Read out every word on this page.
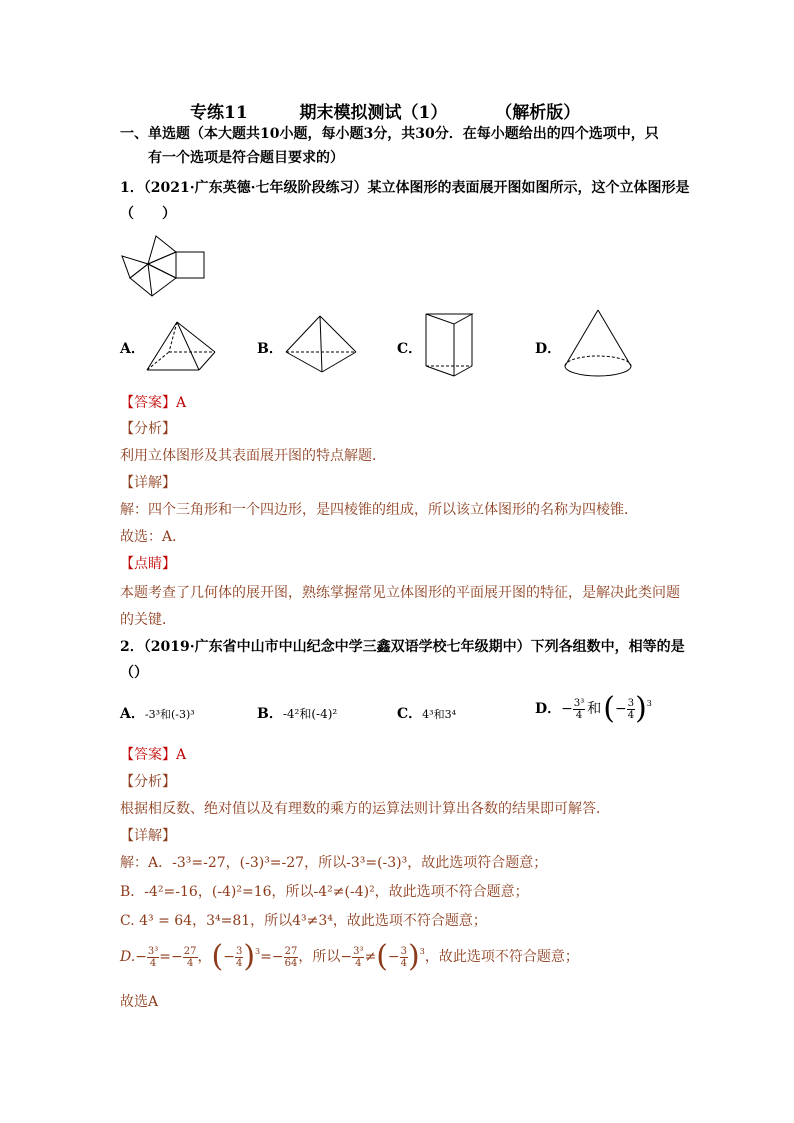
专练11	期末模拟测试（1）	（解析版）
一、单选题（本大题共10小题，每小题3分，共30分．在每小题给出的四个选项中，只
有一个选项是符合题目要求的）
1．（2021·广东英德·七年级阶段练习）某立体图形的表面展开图如图所示，这个立体图形是
（　　）
A．	B．	C．	D．
【答案】A
【分析】
利用立体图形及其表面展开图的特点解题．
【详解】
解：四个三角形和一个四边形，是四棱锥的组成，所以该立体图形的名称为四棱锥．
故选：A．
【点睛】
本题考查了几何体的展开图，熟练掌握常见立体图形的平面展开图的特征，是解决此类问题
的关键．
2．（2019·广东省中山市中山纪念中学三鑫双语学校七年级期中）下列各组数中，相等的是
（）
A．-3³和(-3)³	B．-4²和(-4)²	C．4³和3⁴	D．− $\frac{\text{3³}}{4}$ 和(− $\frac{3}{4} )^3$
【答案】A
【分析】
根据相反数、绝对值以及有理数的乘方的运算法则计算出各数的结果即可解答．
【详解】
解：A．-3³=-27，(-3)³=-27，所以-3³=(-3)³，故此选项符合题意；
B．-4²=-16，(-4)²=16，所以-4²≠(-4)²，故此选项不符合题意；
C. 4³ = 64，3⁴=81，所以4³≠3⁴，故此选项不符合题意；
$D.- \frac{\text{3³}}{4} =- \frac{27}{4}$ ，(− $\frac{3}{4} )^3=- \frac{27}{64}$ ，所以− $\frac{\text{3³}}{4}$ ≠(− $\frac{3}{4} )^3$，故此选项不符合题意；
故选A
